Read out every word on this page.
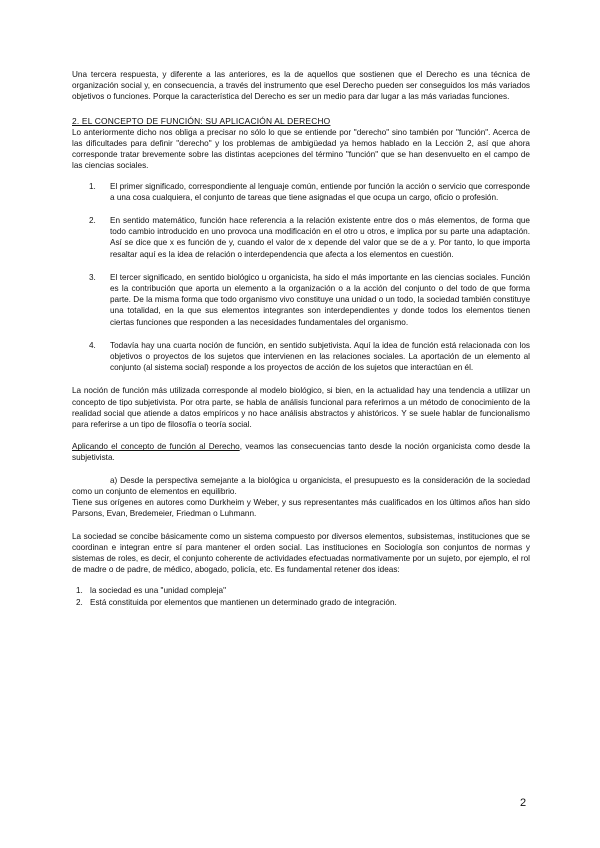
Una tercera respuesta, y diferente a las anteriores, es la de aquellos que sostienen que el Derecho es una técnica de organización social y, en consecuencia, a través del instrumento que esel Derecho pueden ser conseguidos los más variados objetivos o funciones. Porque la característica del Derecho es ser un medio para dar lugar a las más variadas funciones.

2. EL CONCEPTO DE FUNCIÓN: SU APLICACIÓN AL DERECHO

Lo anteriormente dicho nos obliga a precisar no sólo lo que se entiende por "derecho" sino también por "función". Acerca de las dificultades para definir "derecho" y los problemas de ambigüedad ya hemos hablado en la Lección 2, así que ahora corresponde tratar brevemente sobre las distintas acepciones del término "función" que se han desenvuelto en el campo de las ciencias sociales.

1. El primer significado, correspondiente al lenguaje común, entiende por función la acción o servicio que corresponde a una cosa cualquiera, el conjunto de tareas que tiene asignadas el que ocupa un cargo, oficio o profesión.
2. En sentido matemático, función hace referencia a la relación existente entre dos o más elementos, de forma que todo cambio introducido en uno provoca una modificación en el otro u otros, e implica por su parte una adaptación. Así se dice que x es función de y, cuando el valor de x depende del valor que se de a y. Por tanto, lo que importa resaltar aquí es la idea de relación o interdependencia que afecta a los elementos en cuestión.
3. El tercer significado, en sentido biológico u organicista, ha sido el más importante en las ciencias sociales. Función es la contribución que aporta un elemento a la organización o a la acción del conjunto o del todo de que forma parte. De la misma forma que todo organismo vivo constituye una unidad o un todo, la sociedad también constituye una totalidad, en la que sus elementos integrantes son interdependientes y donde todos los elementos tienen ciertas funciones que responden a las necesidades fundamentales del organismo.
4. Todavía hay una cuarta noción de función, en sentido subjetivista. Aquí la idea de función está relacionada con los objetivos o proyectos de los sujetos que intervienen en las relaciones sociales. La aportación de un elemento al conjunto (al sistema social) responde a los proyectos de acción de los sujetos que interactúan en él.

La noción de función más utilizada corresponde al modelo biológico, si bien, en la actualidad hay una tendencia a utilizar un concepto de tipo subjetivista. Por otra parte, se habla de análisis funcional para referirnos a un método de conocimiento de la realidad social que atiende a datos empíricos y no hace análisis abstractos y ahistóricos. Y se suele hablar de funcionalismo para referirse a un tipo de filosofía o teoría social.

Aplicando el concepto de función al Derecho, veamos las consecuencias tanto desde la noción organicista como desde la subjetivista.

a) Desde la perspectiva semejante a la biológica u organicista, el presupuesto es la consideración de la sociedad como un conjunto de elementos en equilibrio.

Tiene sus orígenes en autores como Durkheim y Weber, y sus representantes más cualificados en los últimos años han sido Parsons, Evan, Bredemeier, Friedman o Luhmann.

La sociedad se concibe básicamente como un sistema compuesto por diversos elementos, subsistemas, instituciones que se coordinan e integran entre sí para mantener el orden social. Las instituciones en Sociología son conjuntos de normas y sistemas de roles, es decir, el conjunto coherente de actividades efectuadas normativamente por un sujeto, por ejemplo, el rol de madre o de padre, de médico, abogado, policía, etc. Es fundamental retener dos ideas:

1. la sociedad es una "unidad compleja"
2. Está constituida por elementos que mantienen un determinado grado de integración.
2
